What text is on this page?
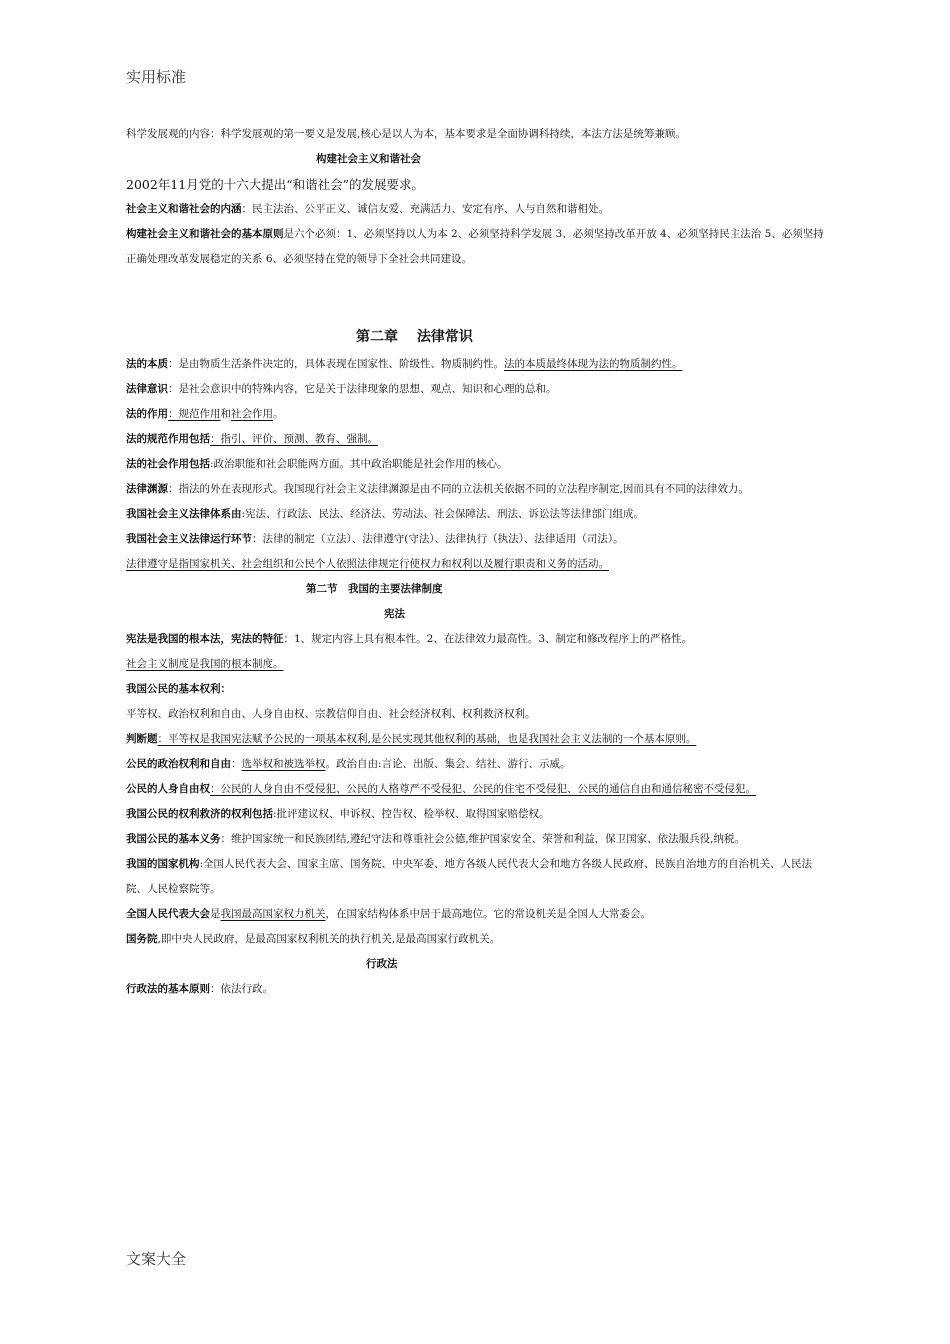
实用标准

科学发展观的内容：科学发展观的第一要义是发展,核心是以人为本，基本要求是全面协调科持续，本法方法是统筹兼顾。

构建社会主义和谐社会

2002年11月党的十六大提出“和谐社会”的发展要求。

社会主义和谐社会的内涵：民主法治、公平正义、诚信友爱、充满活力、安定有序、人与自然和谐相处。

构建社会主义和谐社会的基本原则是六个必须：1、必须坚持以人为本 2、必须坚持科学发展 3、必须坚持改革开放 4、必须坚持民主法治 5、必须坚持正确处理改革发展稳定的关系 6、必须坚持在党的领导下全社会共同建设。

第二章　 法律常识

法的本质：是由物质生活条件决定的，具体表现在国家性、阶级性、物质制约性。法的本质最终体现为法的物质制约性。

法律意识：是社会意识中的特殊内容，它是关于法律现象的思想、观点、知识和心理的总和。

法的作用：规范作用和社会作用。

法的规范作用包括：指引、评价、预测、教育、强制。

法的社会作用包括:政治职能和社会职能两方面。其中政治职能是社会作用的核心。

法律渊源：指法的外在表现形式。我国现行社会主义法律渊源是由不同的立法机关依据不同的立法程序制定,因而具有不同的法律效力。

我国社会主义法律体系由:宪法、行政法、民法、经济法、劳动法、社会保障法、刑法、诉讼法等法律部门组成。

我国社会主义法律运行环节：法律的制定（立法）、法律遵守(守法）、法律执行（执法）、法律适用（司法）。

法律遵守是指国家机关、社会组织和公民个人依照法律规定行使权力和权利以及履行职责和义务的活动。

第二节　我国的主要法律制度

宪法

宪法是我国的根本法，宪法的特征：1、规定内容上具有根本性。2、在法律效力最高性。3、制定和修改程序上的严格性。

社会主义制度是我国的根本制度。

我国公民的基本权利：

平等权、政治权利和自由、人身自由权、宗教信仰自由、社会经济权利、权利救济权利。

判断题：平等权是我国宪法赋予公民的一项基本权利,是公民实现其他权利的基础，也是我国社会主义法制的一个基本原则。

公民的政治权利和自由：选举权和被选举权。政治自由:言论、出版、集会、结社、游行、示威。

公民的人身自由权：公民的人身自由不受侵犯、公民的人格尊严不受侵犯、公民的住宅不受侵犯、公民的通信自由和通信秘密不受侵犯。

我国公民的权利救济的权利包括:批评建议权、申诉权、控告权、检举权、取得国家赔偿权。

我国公民的基本义务：维护国家统一和民族团结,遵纪守法和尊重社会公德,维护国家安全、荣誉和利益，保卫国家、依法服兵役,纳税。

我国的国家机构:全国人民代表大会、国家主席、国务院、中央军委、地方各级人民代表大会和地方各级人民政府、民族自治地方的自治机关、人民法院、人民检察院等。

全国人民代表大会是我国最高国家权力机关，在国家结构体系中居于最高地位。它的常设机关是全国人大常委会。

国务院,即中央人民政府，是最高国家权利机关的执行机关,是最高国家行政机关。

行政法

行政法的基本原则：依法行政。

文案大全
